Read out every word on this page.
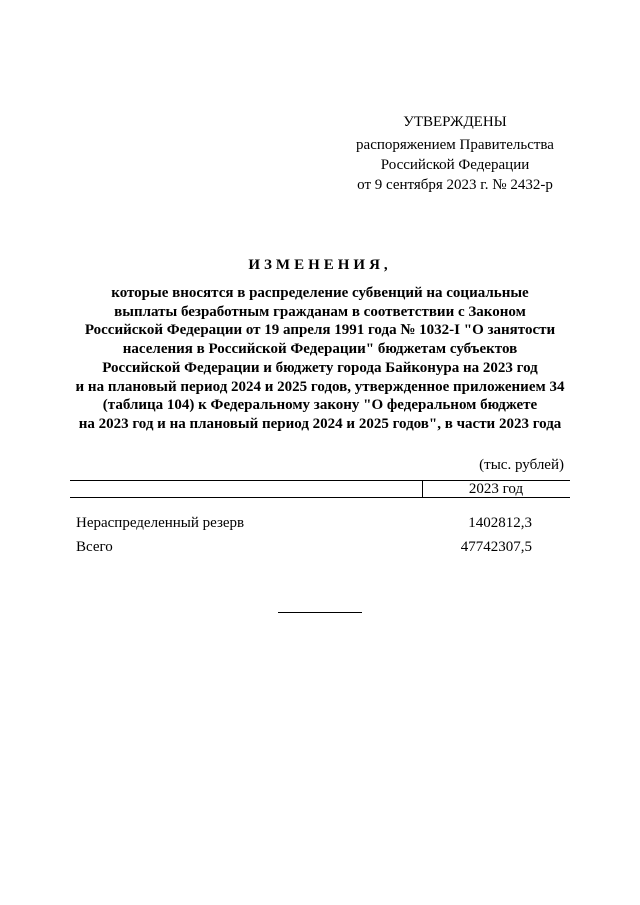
УТВЕРЖДЕНЫ
распоряжением Правительства
Российской Федерации
от 9 сентября 2023 г. № 2432-р
ИЗМЕНЕНИЯ,
которые вносятся в распределение субвенций на социальные
выплаты безработным гражданам в соответствии с Законом
Российской Федерации от 19 апреля 1991 года № 1032-I "О занятости
населения в Российской Федерации" бюджетам субъектов
Российской Федерации и бюджету города Байконура на 2023 год
и на плановый период 2024 и 2025 годов, утвержденное приложением 34
(таблица 104) к Федеральному закону "О федеральном бюджете
на 2023 год и на плановый период 2024 и 2025 годов", в части 2023 года
(тыс. рублей)
2023 год
Нераспределенный резерв	1402812,3
Всего	47742307,5
